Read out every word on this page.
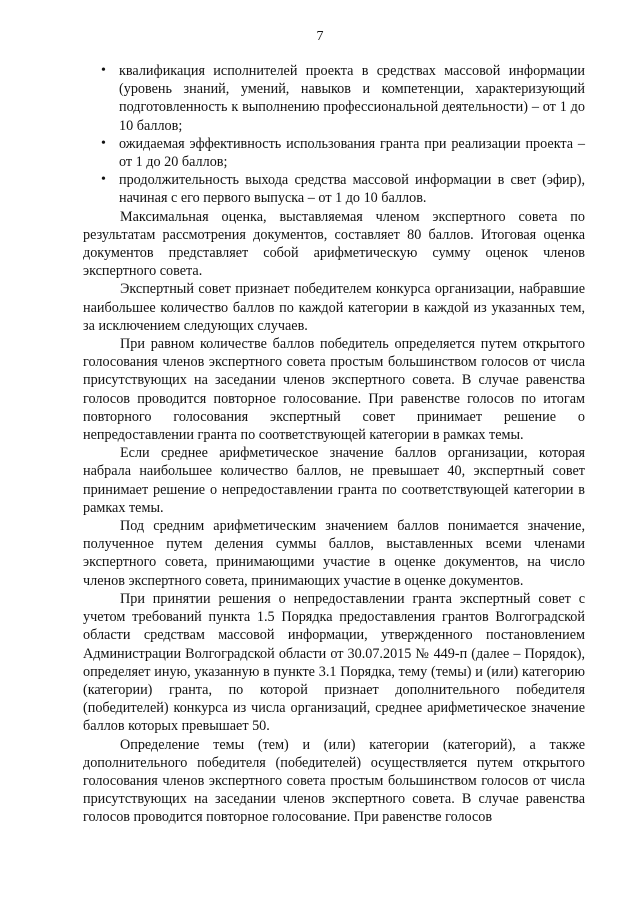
7
• квалификация исполнителей проекта в средствах массовой информации (уровень знаний, умений, навыков и компетенции, характеризующий подготовленность к выполнению профессиональной деятельности) – от 1 до 10 баллов;
• ожидаемая эффективность использования гранта при реализации проекта – от 1 до 20 баллов;
• продолжительность выхода средства массовой информации в свет (эфир), начиная с его первого выпуска – от 1 до 10 баллов.

Максимальная оценка, выставляемая членом экспертного совета по результатам рассмотрения документов, составляет 80 баллов. Итоговая оценка документов представляет собой арифметическую сумму оценок членов экспертного совета.

Экспертный совет признает победителем конкурса организации, набравшие наибольшее количество баллов по каждой категории в каждой из указанных тем, за исключением следующих случаев.

При равном количестве баллов победитель определяется путем открытого голосования членов экспертного совета простым большинством голосов от числа присутствующих на заседании членов экспертного совета. В случае равенства голосов проводится повторное голосование. При равенстве голосов по итогам повторного голосования экспертный совет принимает решение о непредоставлении гранта по соответствующей категории в рамках темы.

Если среднее арифметическое значение баллов организации, которая набрала наибольшее количество баллов, не превышает 40, экспертный совет принимает решение о непредоставлении гранта по соответствующей категории в рамках темы.

Под средним арифметическим значением баллов понимается значение, полученное путем деления суммы баллов, выставленных всеми членами экспертного совета, принимающими участие в оценке документов, на число членов экспертного совета, принимающих участие в оценке документов.

При принятии решения о непредоставлении гранта экспертный совет с учетом требований пункта 1.5 Порядка предоставления грантов Волгоградской области средствам массовой информации, утвержденного постановлением Администрации Волгоградской области от 30.07.2015 № 449-п (далее – Порядок), определяет иную, указанную в пункте 3.1 Порядка, тему (темы) и (или) категорию (категории) гранта, по которой признает дополнительного победителя (победителей) конкурса из числа организаций, среднее арифметическое значение баллов которых превышает 50.

Определение темы (тем) и (или) категории (категорий), а также дополнительного победителя (победителей) осуществляется путем открытого голосования членов экспертного совета простым большинством голосов от числа присутствующих на заседании членов экспертного совета. В случае равенства голосов проводится повторное голосование. При равенстве голосов
